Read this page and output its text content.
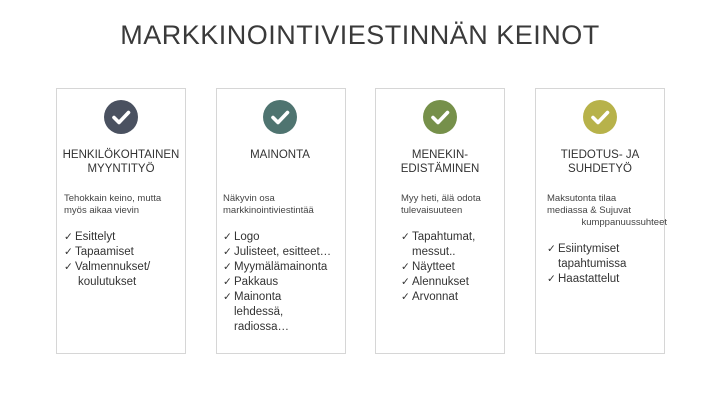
MARKKINOINTIVIESTINNÄN KEINOT
HENKILÖKOHTAINEN
MYYNTITYÖ
Tehokkain keino, mutta
myös aikaa vievin
✓ Esittelyt
✓ Tapaamiset
✓ Valmennukset/
koulutukset
MAINONTA
Näkyvin osa
markkinointiviestintää
✓ Logo
✓ Julisteet, esitteet…
✓ Myymälämainonta
✓ Pakkaus
✓ Mainonta
lehdessä,
radiossa…
MENEKIN-
EDISTÄMINEN
Myy heti, älä odota
tulevaisuuteen
✓ Tapahtumat,
messut..
✓ Näytteet
✓ Alennukset
✓ Arvonnat
TIEDOTUS- JA
SUHDETYÖ
Maksutonta tilaa
mediassa & Sujuvat
kumppanuussuhteet
✓ Esiintymiset
tapahtumissa
✓ Haastattelut
